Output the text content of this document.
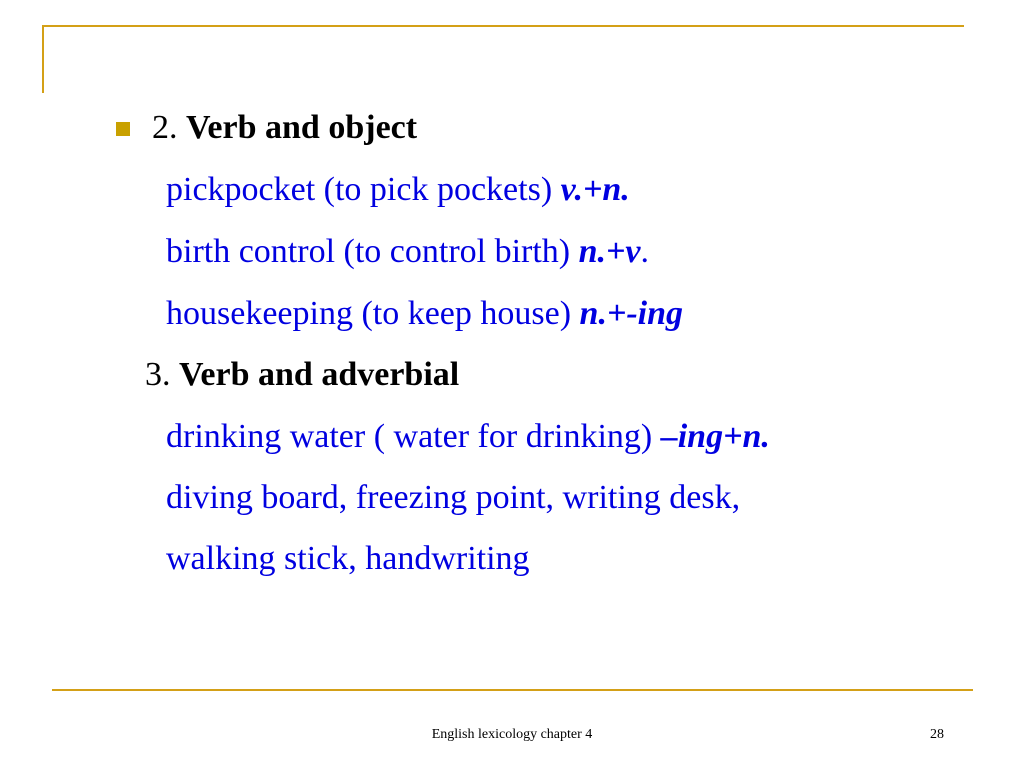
2. Verb and object
pickpocket (to pick pockets) v.+n.
birth control (to control birth) n.+v.
housekeeping (to keep house) n.+-ing
3. Verb and adverbial
drinking water ( water for drinking) –ing+n.
diving board, freezing point, writing desk,
walking stick, handwriting
English lexicology chapter 4	28
